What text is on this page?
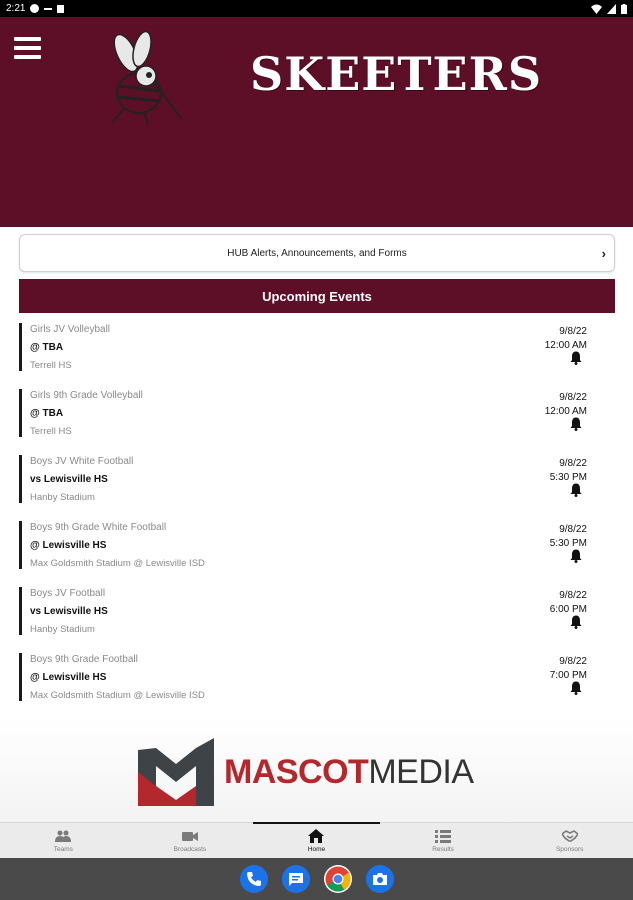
2:21
SKEETERS
HUB Alerts, Announcements, and Forms	›
Upcoming Events
Girls JV Volleyball
@ TBA
Terrell HS
9/8/22
12:00 AM
Girls 9th Grade Volleyball
@ TBA
Terrell HS
9/8/22
12:00 AM
Boys JV White Football
vs Lewisville HS
Hanby Stadium
9/8/22
5:30 PM
Boys 9th Grade White Football
@ Lewisville HS
Max Goldsmith Stadium @ Lewisville ISD
9/8/22
5:30 PM
Boys JV Football
vs Lewisville HS
Hanby Stadium
9/8/22
6:00 PM
Boys 9th Grade Football
@ Lewisville HS
Max Goldsmith Stadium @ Lewisville ISD
9/8/22
7:00 PM
MASCOTMEDIA
Teams	Broadcasts	Home	Results	Sponsors
